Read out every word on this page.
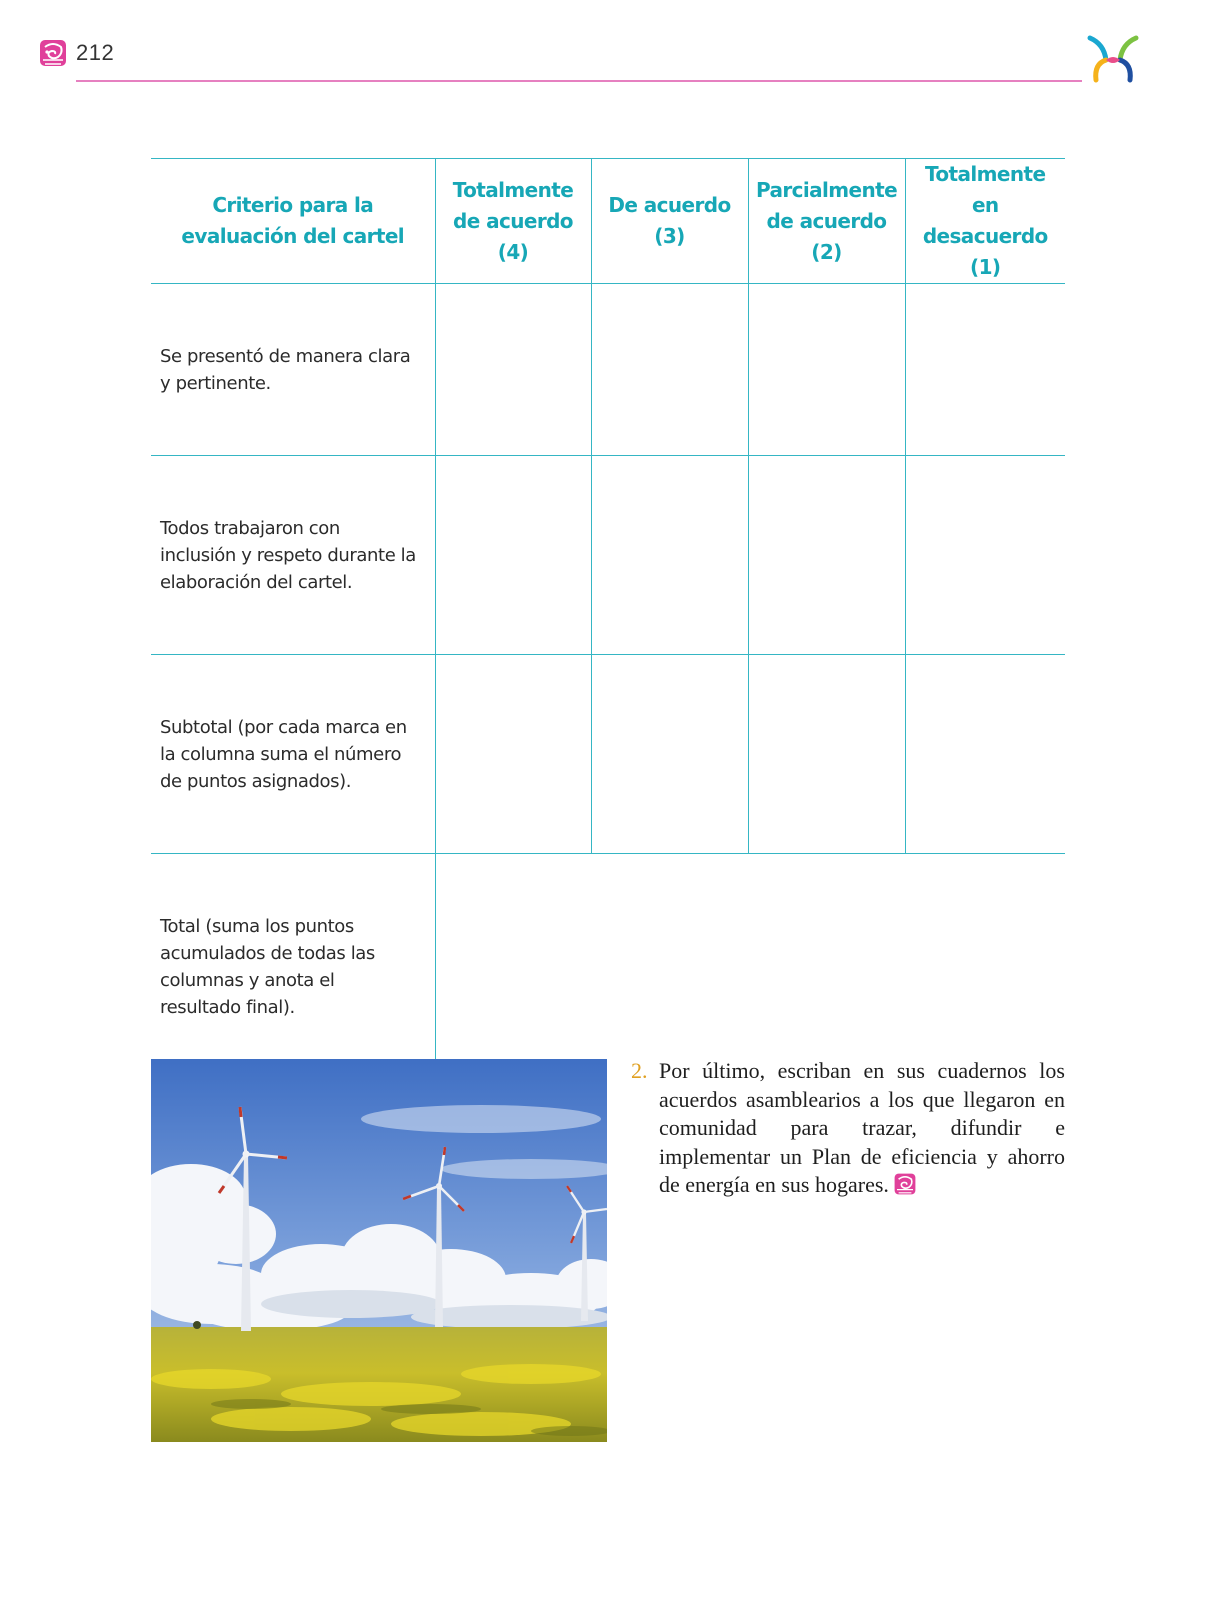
212
Criterio para la evaluación del cartel	Totalmente de acuerdo (4)	De acuerdo (3)	Parcialmente de acuerdo (2)	Totalmente en desacuerdo (1)
Se presentó de manera clara y pertinente.				
Todos trabajaron con inclusión y respeto durante la elaboración del cartel.				
Subtotal (por cada marca en la columna suma el número de puntos asignados).				
Total (suma los puntos acumulados de todas las columnas y anota el resultado final).				
2. Por último, escriban en sus cuadernos los acuerdos asamblearios a los que llegaron en comunidad para trazar, difundir e implementar un Plan de eficiencia y ahorro de energía en sus hogares.
